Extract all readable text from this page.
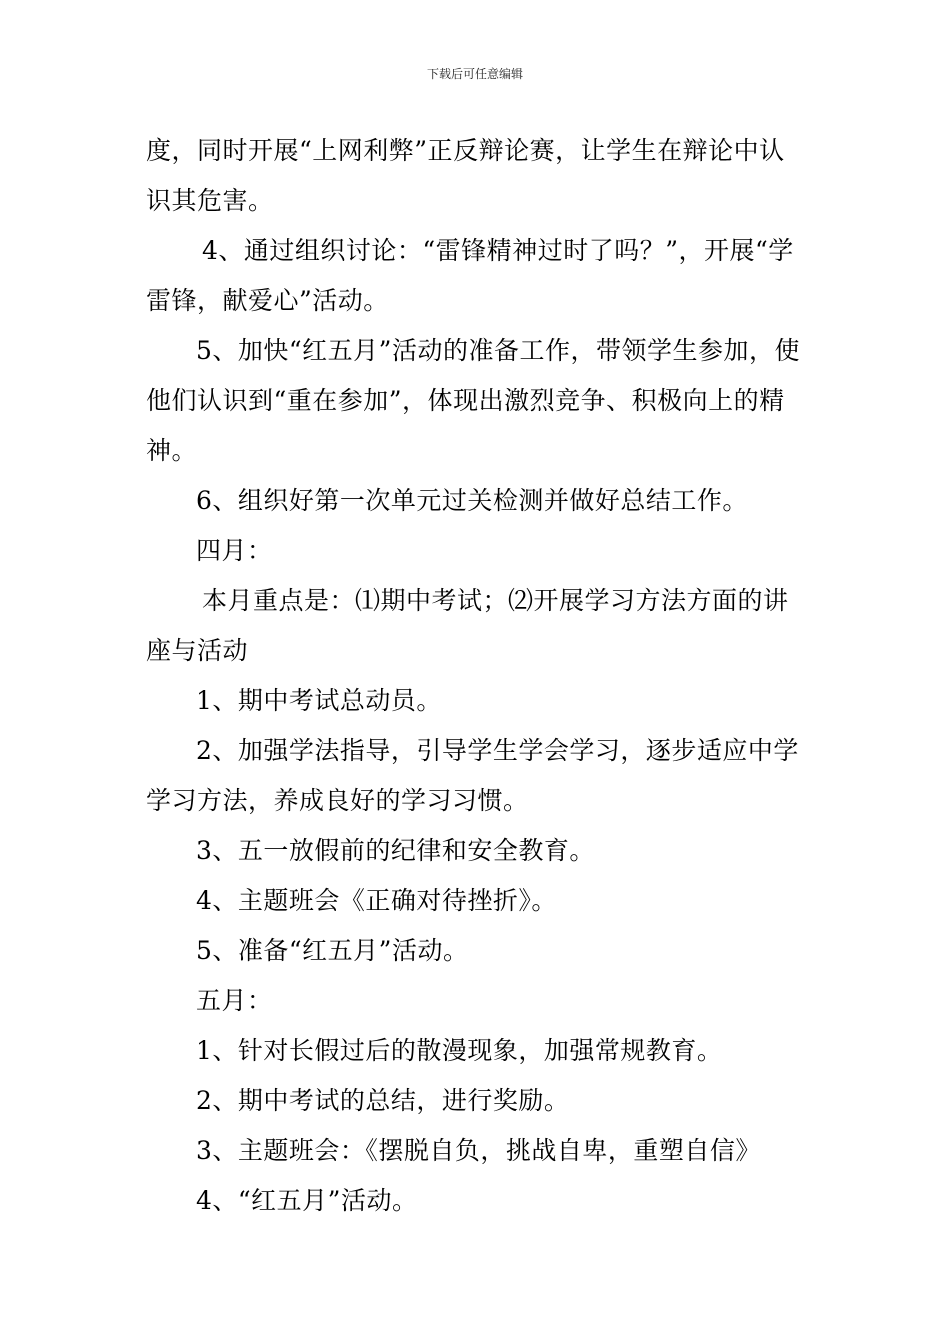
下载后可任意编辑

度，同时开展“上网利弊”正反辩论赛，让学生在辩论中认识其危害。

4、通过组织讨论：“雷锋精神过时了吗？”，开展“学雷锋，献爱心”活动。

5、加快“红五月”活动的准备工作，带领学生参加，使他们认识到“重在参加”，体现出激烈竞争、积极向上的精神。

6、组织好第一次单元过关检测并做好总结工作。

四月：

本月重点是：⑴期中考试；⑵开展学习方法方面的讲座与活动

1、期中考试总动员。

2、加强学法指导，引导学生学会学习，逐步适应中学学习方法，养成良好的学习习惯。

3、五一放假前的纪律和安全教育。

4、主题班会《正确对待挫折》。

5、准备“红五月”活动。

五月：

1、针对长假过后的散漫现象，加强常规教育。

2、期中考试的总结，进行奖励。

3、主题班会：《摆脱自负，挑战自卑，重塑自信》

4、“红五月”活动。
